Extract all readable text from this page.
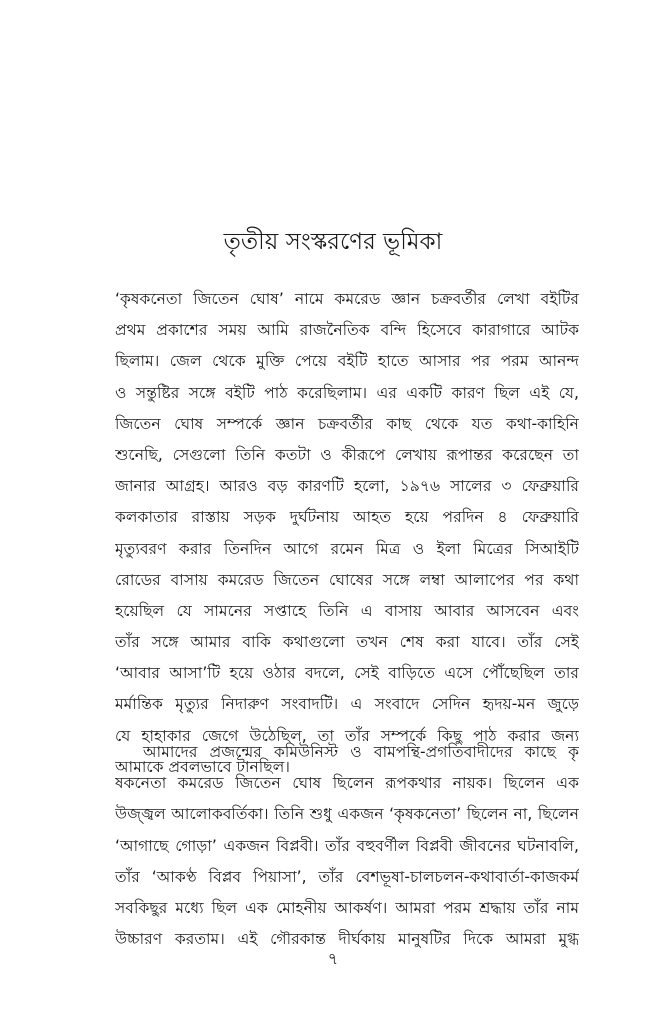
তৃতীয় সংস্করণের ভূমিকা
‘কৃষকনেতা জিতেন ঘোষ’ নামে কমরেড জ্ঞান চক্রবর্তীর লেখা বইটির
প্রথম প্রকাশের সময় আমি রাজনৈতিক বন্দি হিসেবে কারাগারে আটক
ছিলাম। জেল থেকে মুক্তি পেয়ে বইটি হাতে আসার পর পরম আনন্দ
ও সন্তুষ্টির সঙ্গে বইটি পাঠ করেছিলাম। এর একটি কারণ ছিল এই যে,
জিতেন ঘোষ সম্পর্কে জ্ঞান চক্রবর্তীর কাছ থেকে যত কথা-কাহিনি
শুনেছি, সেগুলো তিনি কতটা ও কীরূপে লেখায় রূপান্তর করেছেন তা
জানার আগ্রহ। আরও বড় কারণটি হলো, ১৯৭৬ সালের ৩ ফেব্রুয়ারি
কলকাতার রাস্তায় সড়ক দুর্ঘটনায় আহত হয়ে পরদিন ৪ ফেব্রুয়ারি
মৃত্যুবরণ করার তিনদিন আগে রমেন মিত্র ও ইলা মিত্রের সিআইটি
রোডের বাসায় কমরেড জিতেন ঘোষের সঙ্গে লম্বা আলাপের পর কথা
হয়েছিল যে সামনের সপ্তাহে তিনি এ বাসায় আবার আসবেন এবং
তাঁর সঙ্গে আমার বাকি কথাগুলো তখন শেষ করা যাবে। তাঁর সেই
‘আবার আসা’টি হয়ে ওঠার বদলে, সেই বাড়িতে এসে পৌঁছেছিল তার
মর্মান্তিক মৃত্যুর নিদারুণ সংবাদটি। এ সংবাদে সেদিন হৃদয়-মন জুড়ে
যে হাহাকার জেগে উঠেছিল, তা তাঁর সম্পর্কে কিছু পাঠ করার জন্য
আমাকে প্রবলভাবে টানছিল।
আমাদের প্রজন্মের কমিউনিস্ট ও বামপন্থি-প্রগতিবাদীদের কাছে কৃ
ষকনেতা কমরেড জিতেন ঘোষ ছিলেন রূপকথার নায়ক। ছিলেন এক
উজ্জ্বল আলোকবর্তিকা। তিনি শুধু একজন ‘কৃষকনেতা’ ছিলেন না, ছিলেন
‘আগাছে গোড়া’ একজন বিপ্লবী। তাঁর বহুবর্ণীল বিপ্লবী জীবনের ঘটনাবলি,
তাঁর ‘আকণ্ঠ বিপ্লব পিয়াসা’, তাঁর বেশভূষা-চালচলন-কথাবার্তা-কাজকর্ম
সবকিছুর মধ্যে ছিল এক মোহনীয় আকর্ষণ। আমরা পরম শ্রদ্ধায় তাঁর নাম
উচ্চারণ করতাম। এই গৌরকান্ত দীর্ঘকায় মানুষটির দিকে আমরা মুগ্ধ
৭
